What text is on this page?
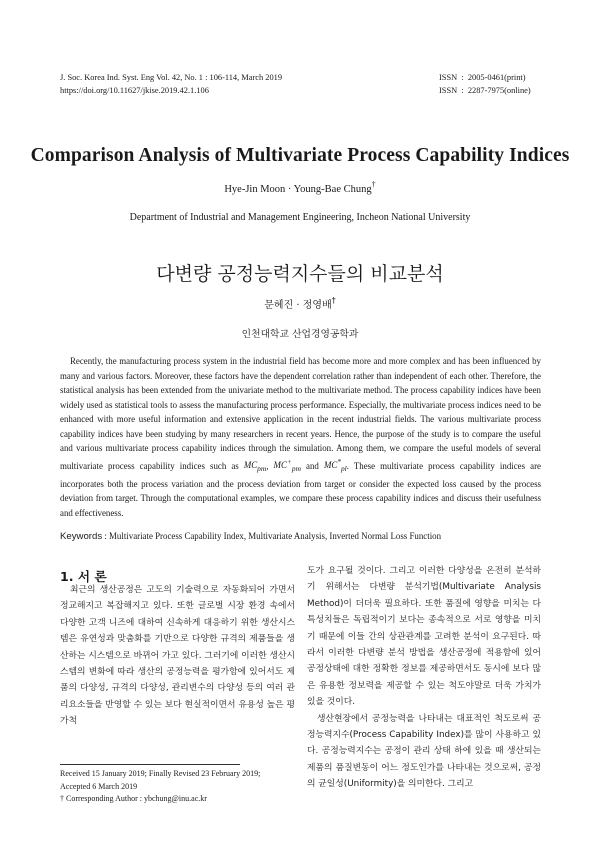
J. Soc. Korea Ind. Syst. Eng Vol. 42, No. 1 : 106-114, March 2019
https://doi.org/10.11627/jkise.2019.42.1.106
ISSN  :  2005-0461(print)
ISSN  :  2287-7975(online)
Comparison Analysis of Multivariate Process Capability Indices
Hye-Jin Moon · Young-Bae Chung†
Department of Industrial and Management Engineering, Incheon National University
다변량 공정능력지수들의 비교분석
문혜진 · 정영배†
인천대학교 산업경영공학과
Recently, the manufacturing process system in the industrial field has become more and more complex and has been influenced by many and various factors. Moreover, these factors have the dependent correlation rather than independent of each other. Therefore, the statistical analysis has been extended from the univariate method to the multivariate method. The process capability indices have been widely used as statistical tools to assess the manufacturing process performance. Especially, the multivariate process indices need to be enhanced with more useful information and extensive application in the recent industrial fields. The various multivariate process capability indices have been studying by many researchers in recent years. Hence, the purpose of the study is to compare the useful and various multivariate process capability indices through the simulation. Among them, we compare the useful models of several multivariate process capability indices such as $MC_{pm}$, $MC^+_{pm}$ and $MC^*_{pl}$. These multivariate process capability indices are incorporates both the process variation and the process deviation from target or consider the expected loss caused by the process deviation from target. Through the computational examples, we compare these process capability indices and discuss their usefulness and effectiveness.
Keywords : Multivariate Process Capability Index, Multivariate Analysis, Inverted Normal Loss Function
1. 서 론

최근의 생산공정은 고도의 기술력으로 자동화되어 가면서 정교해지고 복잡해지고 있다. 또한 글로벌 시장 환경 속에서 다양한 고객 니즈에 대하여 신속하게 대응하기 위한 생산시스템은 유연성과 맞춤화를 기반으로 다양한 규격의 제품들을 생산하는 시스템으로 바뀌어 가고 있다. 그러기에 이러한 생산시스템의 변화에 따라 생산의 공정능력을 평가함에 있어서도 제품의 다양성, 규격의 다양성, 관리변수의 다양성 등의 여러 관리요소들을 반영할 수 있는 보다 현실적이면서 유용성 높은 평가척

도가 요구될 것이다. 그리고 이러한 다양성을 온전히 분석하기 위해서는 다변량 분석기법(Multivariate Analysis Method)이 더더욱 필요하다. 또한 품질에 영향을 미치는 다특성치들은 독립적이기 보다는 종속적으로 서로 영향을 미치기 때문에 이들 간의 상관관계를 고려한 분석이 요구된다. 따라서 이러한 다변량 분석 방법을 생산공정에 적용함에 있어 공정상태에 대한 정확한 정보를 제공하면서도 동시에 보다 많은 유용한 정보력을 제공할 수 있는 척도야말로 더욱 가치가 있을 것이다.

생산현장에서 공정능력을 나타내는 대표적인 척도로써 공정능력지수(Process Capability Index)를 많이 사용하고 있다. 공정능력지수는 공정이 관리 상태 하에 있을 때 생산되는 제품의 품질변동이 어느 정도인가를 나타내는 것으로써, 공정의 균일성(Uniformity)을 의미한다. 그리고

Received 15 January 2019; Finally Revised 23 February 2019;
Accepted 6 March 2019
† Corresponding Author : ybchung@inu.ac.kr
